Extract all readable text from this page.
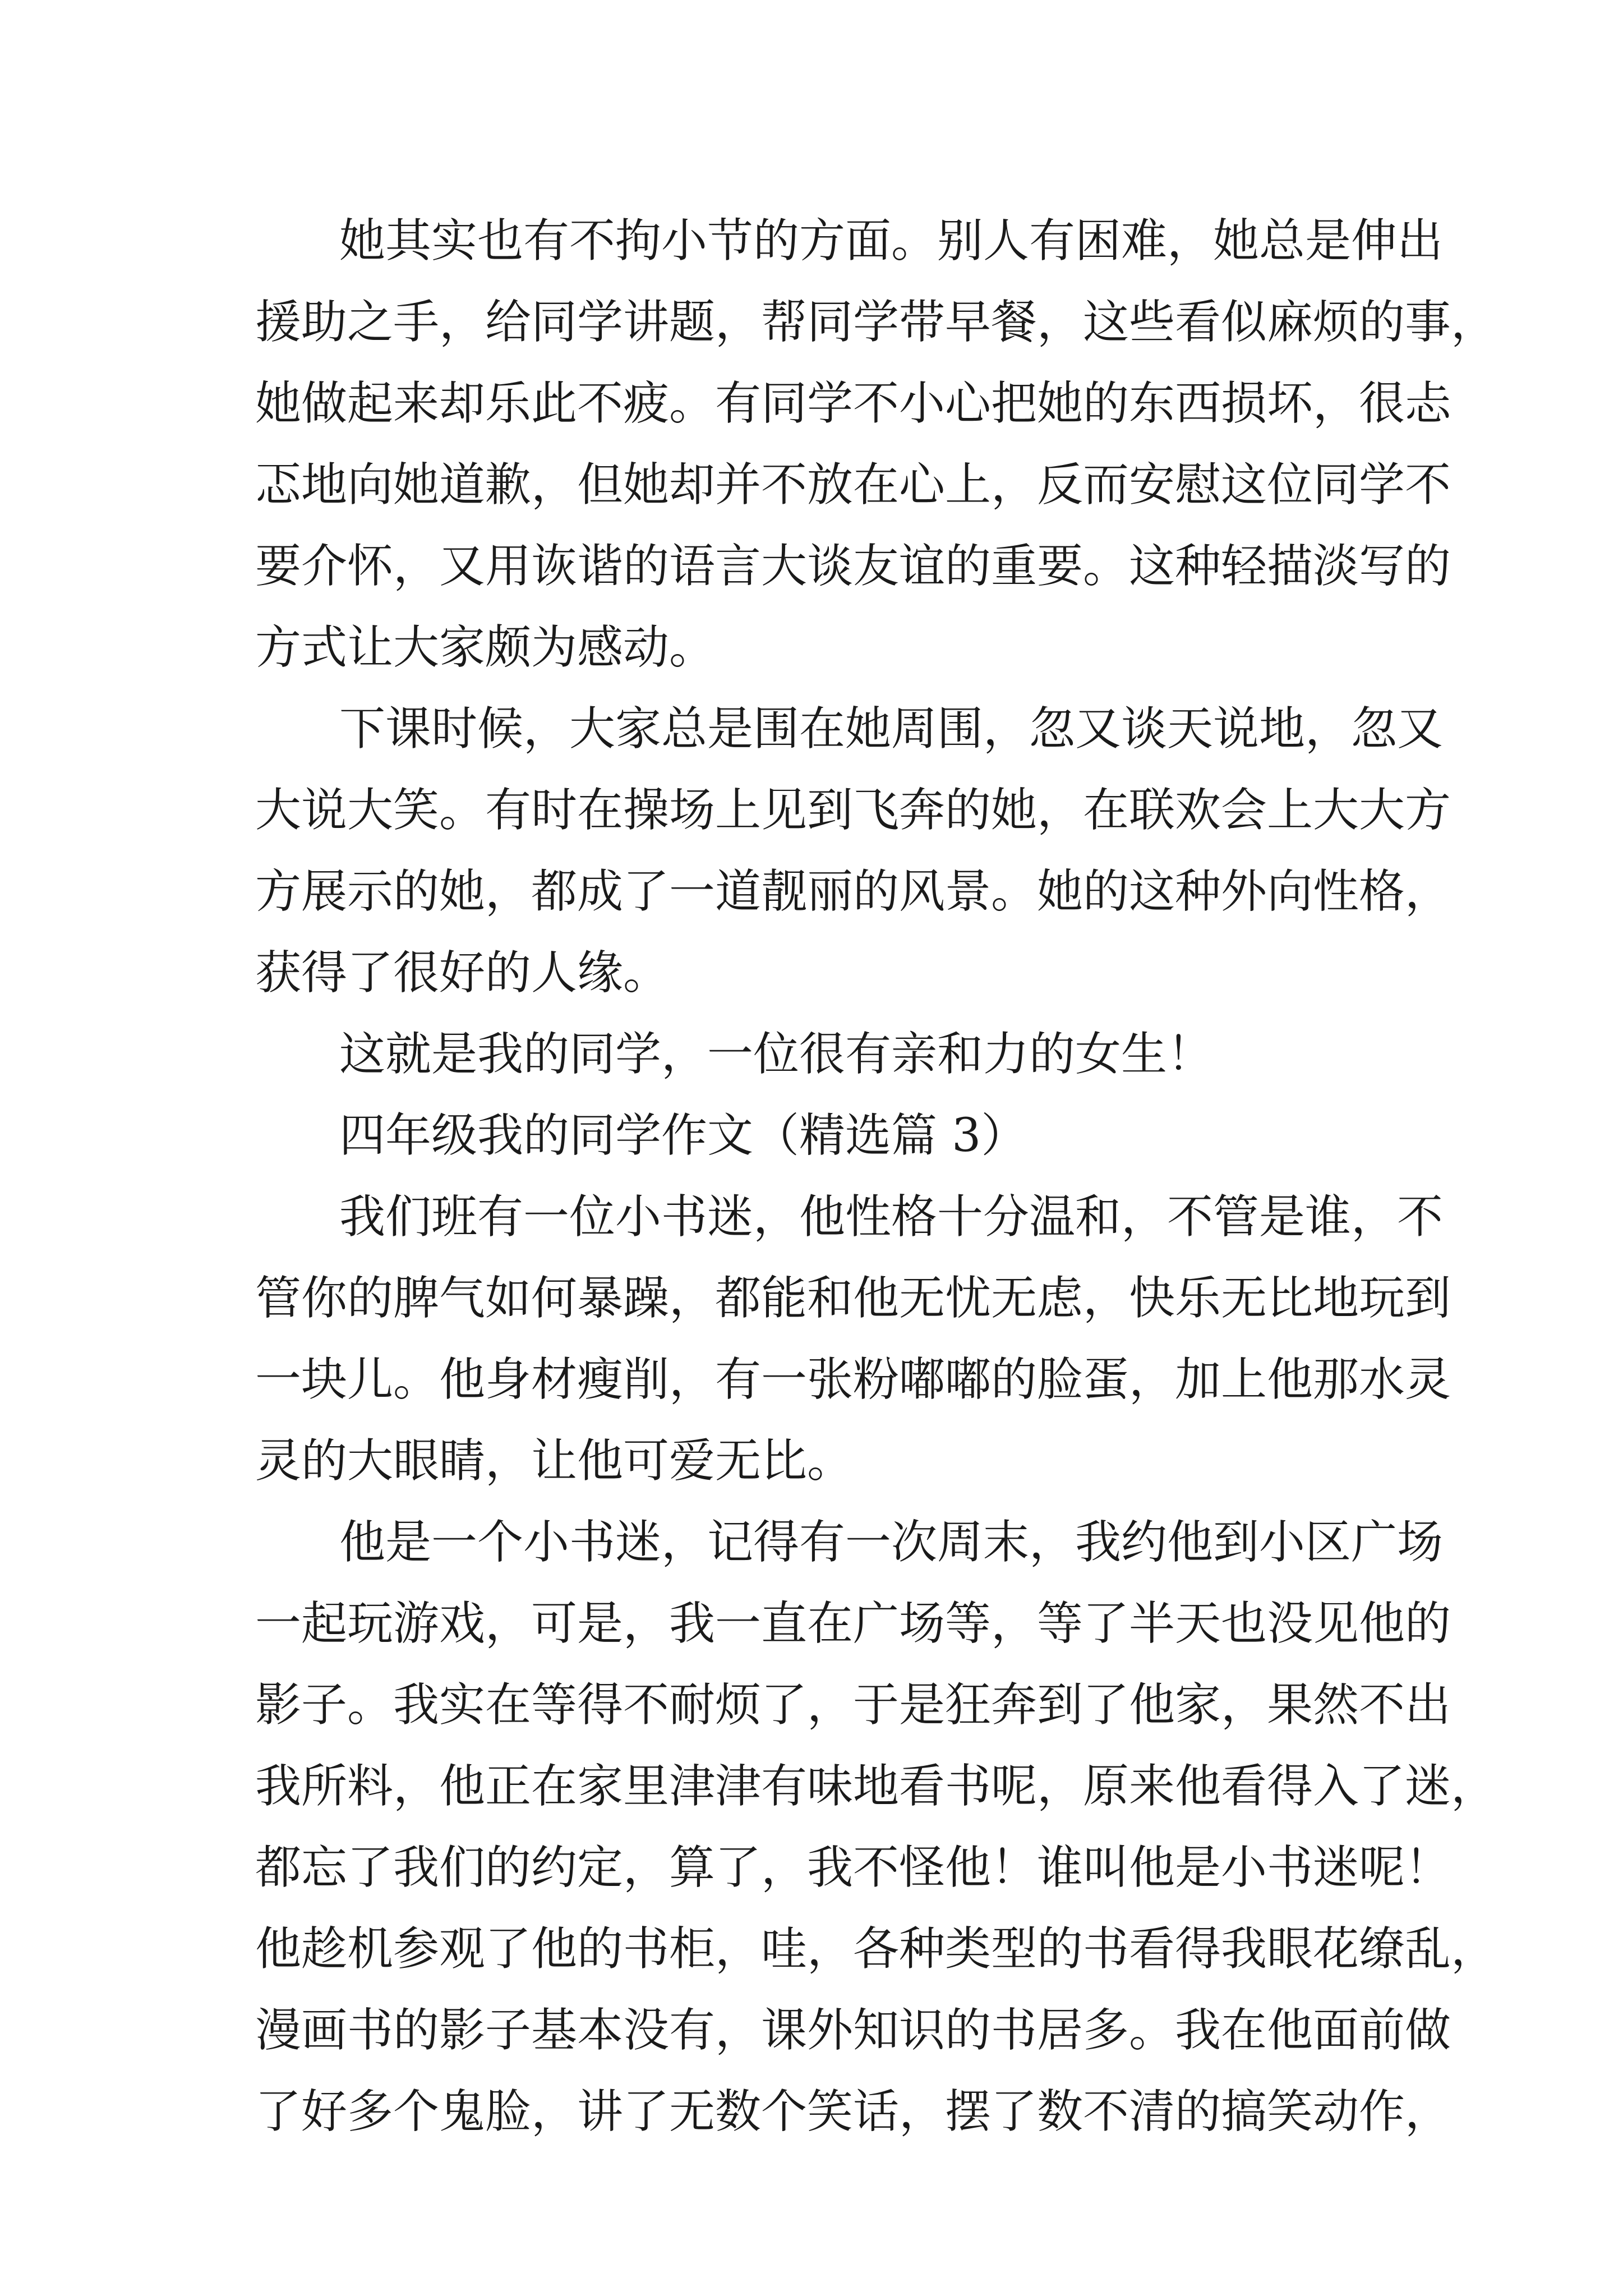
她其实也有不拘小节的方面。别人有困难，她总是伸出
援助之手，给同学讲题，帮同学带早餐，这些看似麻烦的事，
她做起来却乐此不疲。有同学不小心把她的东西损坏，很忐
忑地向她道歉，但她却并不放在心上，反而安慰这位同学不
要介怀，又用诙谐的语言大谈友谊的重要。这种轻描淡写的
方式让大家颇为感动。
下课时候，大家总是围在她周围，忽又谈天说地，忽又
大说大笑。有时在操场上见到飞奔的她，在联欢会上大大方
方展示的她，都成了一道靓丽的风景。她的这种外向性格，
获得了很好的人缘。
这就是我的同学，一位很有亲和力的女生！
四年级我的同学作文（精选篇 3）
我们班有一位小书迷，他性格十分温和，不管是谁，不
管你的脾气如何暴躁，都能和他无忧无虑，快乐无比地玩到
一块儿。他身材瘦削，有一张粉嘟嘟的脸蛋，加上他那水灵
灵的大眼睛，让他可爱无比。
他是一个小书迷，记得有一次周末，我约他到小区广场
一起玩游戏，可是，我一直在广场等，等了半天也没见他的
影子。我实在等得不耐烦了，于是狂奔到了他家，果然不出
我所料，他正在家里津津有味地看书呢，原来他看得入了迷，
都忘了我们的约定，算了，我不怪他！谁叫他是小书迷呢！
他趁机参观了他的书柜，哇，各种类型的书看得我眼花缭乱，
漫画书的影子基本没有，课外知识的书居多。我在他面前做
了好多个鬼脸，讲了无数个笑话，摆了数不清的搞笑动作，
